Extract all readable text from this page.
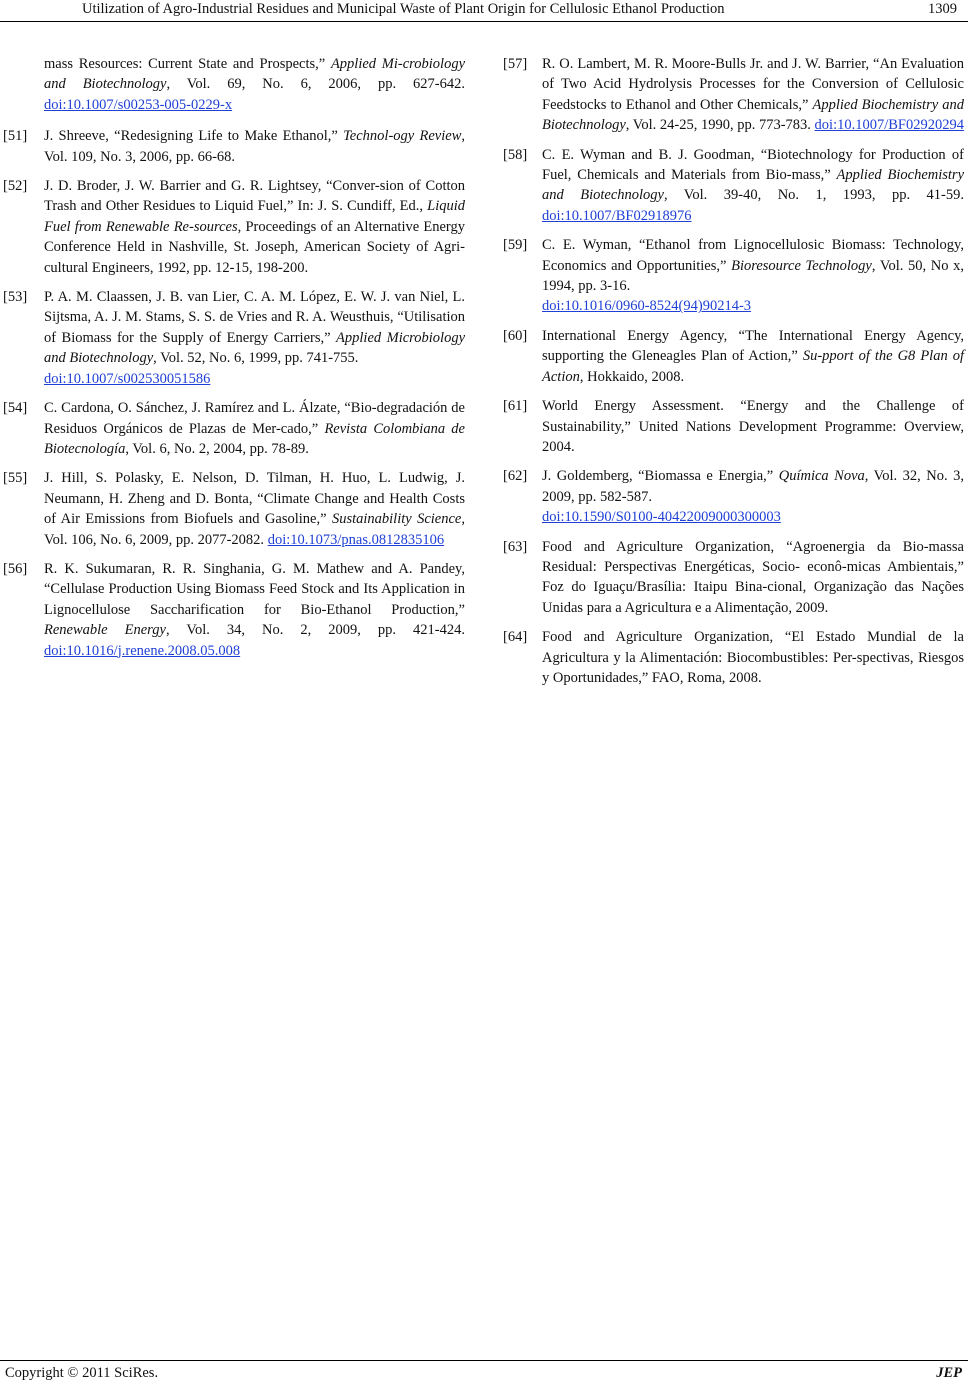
Utilization of Agro-Industrial Residues and Municipal Waste of Plant Origin for Cellulosic Ethanol Production	1309
mass Resources: Current State and Prospects,” Applied Mi-crobiology and Biotechnology, Vol. 69, No. 6, 2006, pp. 627-642. doi:10.1007/s00253-005-0229-x
[51] J. Shreeve, “Redesigning Life to Make Ethanol,” Technol-ogy Review, Vol. 109, No. 3, 2006, pp. 66-68.
[52] J. D. Broder, J. W. Barrier and G. R. Lightsey, “Conver-sion of Cotton Trash and Other Residues to Liquid Fuel,” In: J. S. Cundiff, Ed., Liquid Fuel from Renewable Re-sources, Proceedings of an Alternative Energy Conference Held in Nashville, St. Joseph, American Society of Agri-cultural Engineers, 1992, pp. 12-15, 198-200.
[53] P. A. M. Claassen, J. B. van Lier, C. A. M. López, E. W. J. van Niel, L. Sijtsma, A. J. M. Stams, S. S. de Vries and R. A. Weusthuis, “Utilisation of Biomass for the Supply of Energy Carriers,” Applied Microbiology and Biotechnology, Vol. 52, No. 6, 1999, pp. 741-755.
doi:10.1007/s002530051586
[54] C. Cardona, O. Sánchez, J. Ramírez and L. Álzate, “Bio-degradación de Residuos Orgánicos de Plazas de Mer-cado,” Revista Colombiana de Biotecnología, Vol. 6, No. 2, 2004, pp. 78-89.
[55] J. Hill, S. Polasky, E. Nelson, D. Tilman, H. Huo, L. Ludwig, J. Neumann, H. Zheng and D. Bonta, “Climate Change and Health Costs of Air Emissions from Biofuels and Gasoline,” Sustainability Science, Vol. 106, No. 6, 2009, pp. 2077-2082. doi:10.1073/pnas.0812835106
[56] R. K. Sukumaran, R. R. Singhania, G. M. Mathew and A. Pandey, “Cellulase Production Using Biomass Feed Stock and Its Application in Lignocellulose Saccharification for Bio-Ethanol Production,” Renewable Energy, Vol. 34, No. 2, 2009, pp. 421-424. doi:10.1016/j.renene.2008.05.008
[57] R. O. Lambert, M. R. Moore-Bulls Jr. and J. W. Barrier, “An Evaluation of Two Acid Hydrolysis Processes for the Conversion of Cellulosic Feedstocks to Ethanol and Other Chemicals,” Applied Biochemistry and Biotechnology, Vol. 24-25, 1990, pp. 773-783. doi:10.1007/BF02920294
[58] C. E. Wyman and B. J. Goodman, “Biotechnology for Production of Fuel, Chemicals and Materials from Bio-mass,” Applied Biochemistry and Biotechnology, Vol. 39-40, No. 1, 1993, pp. 41-59. doi:10.1007/BF02918976
[59] C. E. Wyman, “Ethanol from Lignocellulosic Biomass: Technology, Economics and Opportunities,” Bioresource Technology, Vol. 50, No x, 1994, pp. 3-16.
doi:10.1016/0960-8524(94)90214-3
[60] International Energy Agency, “The International Energy Agency, supporting the Gleneagles Plan of Action,” Su-pport of the G8 Plan of Action, Hokkaido, 2008.
[61] World Energy Assessment. “Energy and the Challenge of Sustainability,” United Nations Development Programme: Overview, 2004.
[62] J. Goldemberg, “Biomassa e Energia,” Química Nova, Vol. 32, No. 3, 2009, pp. 582-587.
doi:10.1590/S0100-40422009000300003
[63] Food and Agriculture Organization, “Agroenergia da Bio-massa Residual: Perspectivas Energéticas, Socio- econô-micas Ambientais,” Foz do Iguaçu/Brasília: Itaipu Bina-cional, Organização das Nações Unidas para a Agricultura e a Alimentação, 2009.
[64] Food and Agriculture Organization, “El Estado Mundial de la Agricultura y la Alimentación: Biocombustibles: Per-spectivas, Riesgos y Oportunidades,” FAO, Roma, 2008.
Copyright © 2011 SciRes.	JEP
